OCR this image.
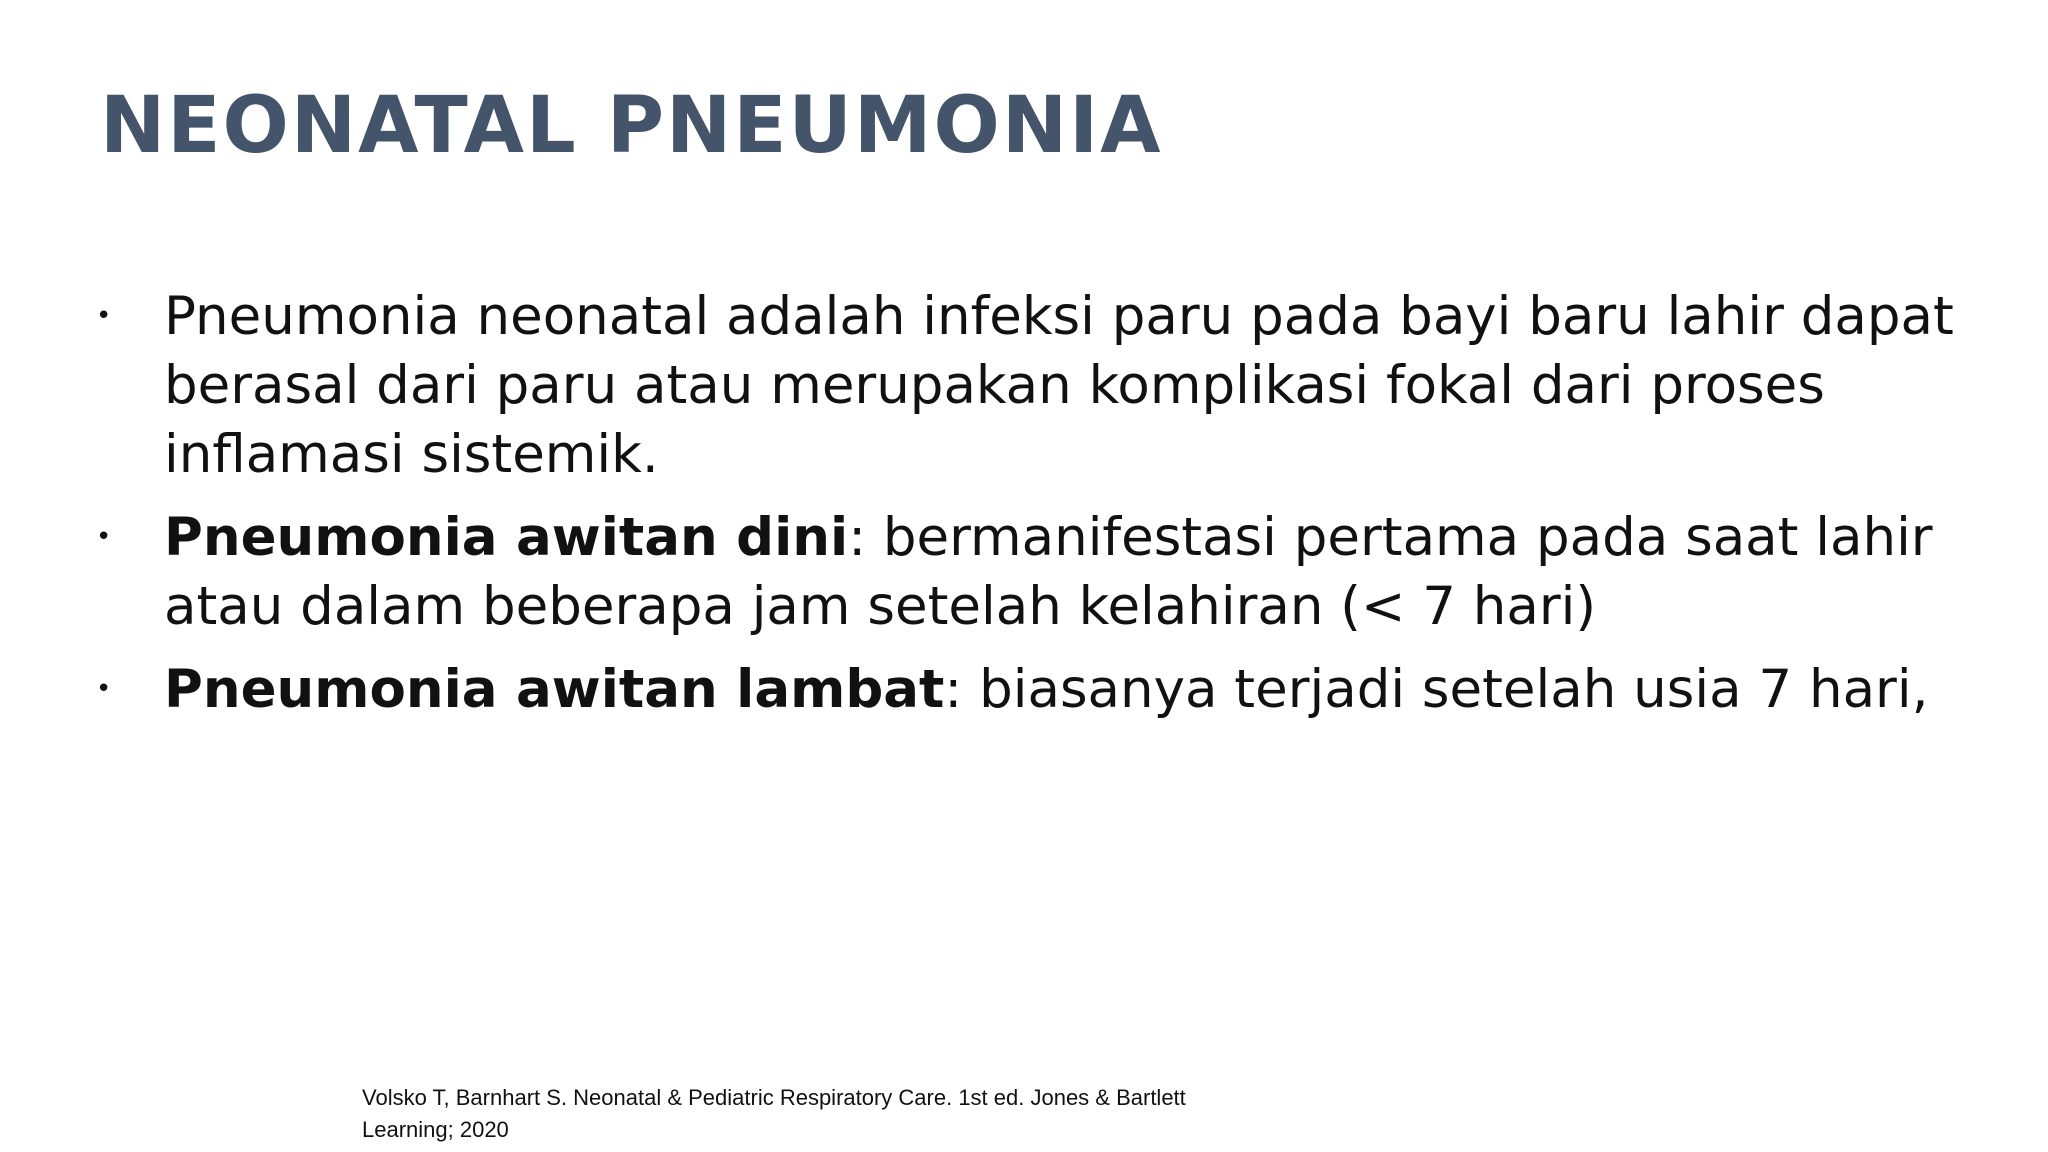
NEONATAL PNEUMONIA
• Pneumonia neonatal adalah infeksi paru pada bayi baru lahir dapat berasal dari paru atau merupakan komplikasi fokal dari proses inflamasi sistemik.
• Pneumonia awitan dini: bermanifestasi pertama pada saat lahir atau dalam beberapa jam setelah kelahiran (< 7 hari)
• Pneumonia awitan lambat: biasanya terjadi setelah usia 7 hari,
Volsko T, Barnhart S. Neonatal & Pediatric Respiratory Care. 1st ed. Jones & Bartlett Learning; 2020
